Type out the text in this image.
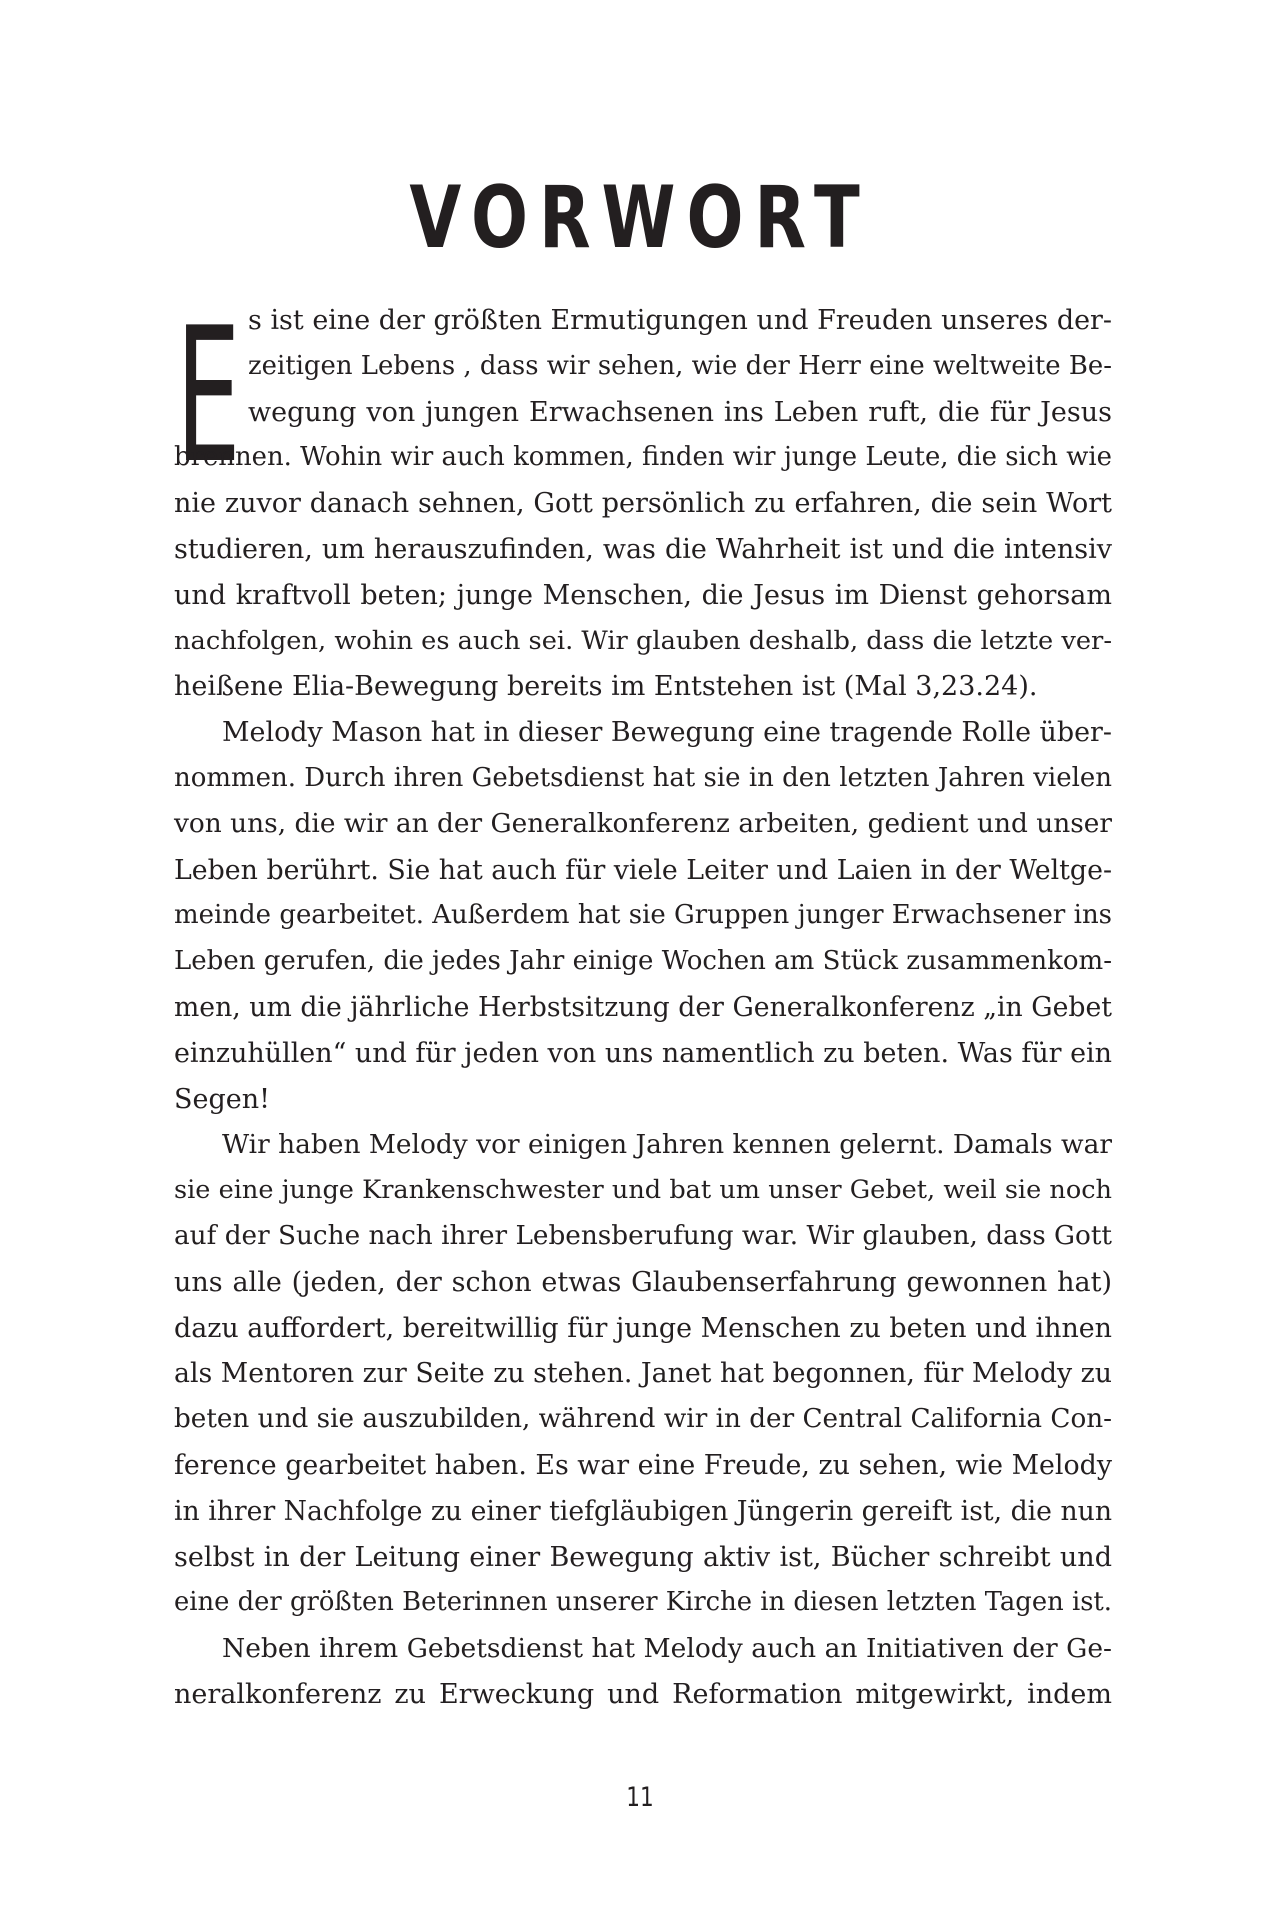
VORWORT
E s ist eine der größten Ermutigungen und Freuden unseres der-
zeitigen Lebens , dass wir sehen, wie der Herr eine weltweite Be-
wegung von jungen Erwachsenen ins Leben ruft, die für Jesus
brennen. Wohin wir auch kommen, finden wir junge Leute, die sich wie
nie zuvor danach sehnen, Gott persönlich zu erfahren, die sein Wort
studieren, um herauszufinden, was die Wahrheit ist und die intensiv
und kraftvoll beten; junge Menschen, die Jesus im Dienst gehorsam
nachfolgen, wohin es auch sei. Wir glauben deshalb, dass die letzte ver-
heißene Elia-Bewegung bereits im Entstehen ist (Mal 3,23.24).
Melody Mason hat in dieser Bewegung eine tragende Rolle über-
nommen. Durch ihren Gebetsdienst hat sie in den letzten Jahren vielen
von uns, die wir an der Generalkonferenz arbeiten, gedient und unser
Leben berührt. Sie hat auch für viele Leiter und Laien in der Weltge-
meinde gearbeitet. Außerdem hat sie Gruppen junger Erwachsener ins
Leben gerufen, die jedes Jahr einige Wochen am Stück zusammenkom-
men, um die jährliche Herbstsitzung der Generalkonferenz „in Gebet
einzuhüllen“ und für jeden von uns namentlich zu beten. Was für ein
Segen!
Wir haben Melody vor einigen Jahren kennen gelernt. Damals war
sie eine junge Krankenschwester und bat um unser Gebet, weil sie noch
auf der Suche nach ihrer Lebensberufung war. Wir glauben, dass Gott
uns alle (jeden, der schon etwas Glaubenserfahrung gewonnen hat)
dazu auffordert, bereitwillig für junge Menschen zu beten und ihnen
als Mentoren zur Seite zu stehen. Janet hat begonnen, für Melody zu
beten und sie auszubilden, während wir in der Central California Con-
ference gearbeitet haben. Es war eine Freude, zu sehen, wie Melody
in ihrer Nachfolge zu einer tiefgläubigen Jüngerin gereift ist, die nun
selbst in der Leitung einer Bewegung aktiv ist, Bücher schreibt und
eine der größten Beterinnen unserer Kirche in diesen letzten Tagen ist.
Neben ihrem Gebetsdienst hat Melody auch an Initiativen der Ge-
neralkonferenz zu Erweckung und Reformation mitgewirkt, indem
11
